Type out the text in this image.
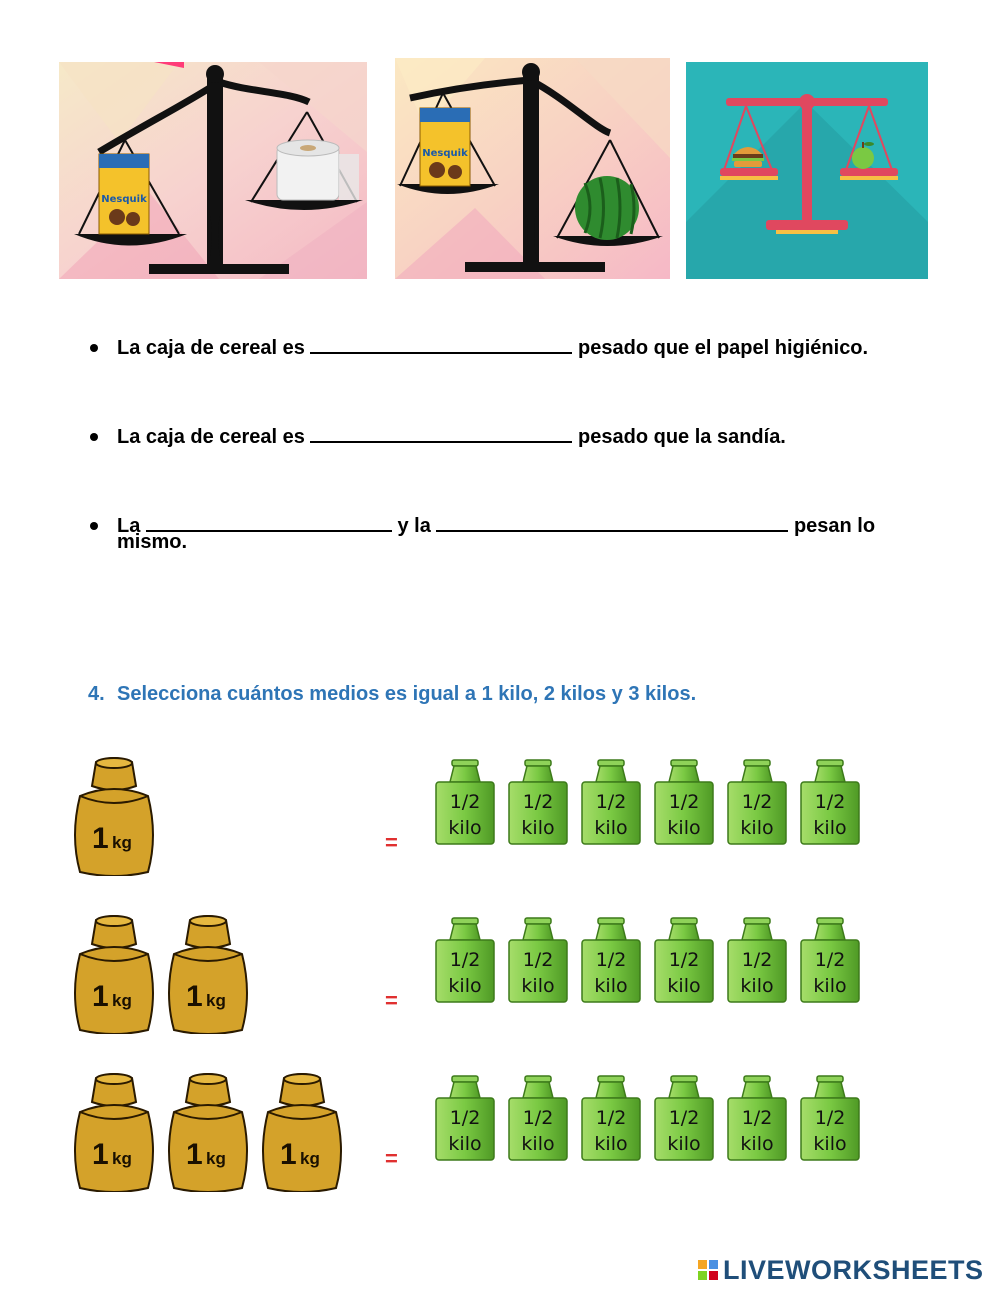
Nesquik
Nesquik
La caja de cereal es	pesado que el papel higiénico.
La caja de cereal es	pesado que la sandía.
La	y la	pesan lo
mismo.
4. Selecciona cuántos medios es igual a 1 kilo, 2 kilos y 3 kilos.
1 kg	=
1/2
kilo
1/2
kilo
1/2
kilo
1/2
kilo
1/2
kilo
1/2
kilo
1 kg 1 kg	=
1/2
kilo
1/2
kilo
1/2
kilo
1/2
kilo
1/2
kilo
1/2
kilo
1 kg 1 kg 1 kg	=
1/2
kilo
1/2
kilo
1/2
kilo
1/2
kilo
1/2
kilo
1/2
kilo
LIVEWORKSHEETS
